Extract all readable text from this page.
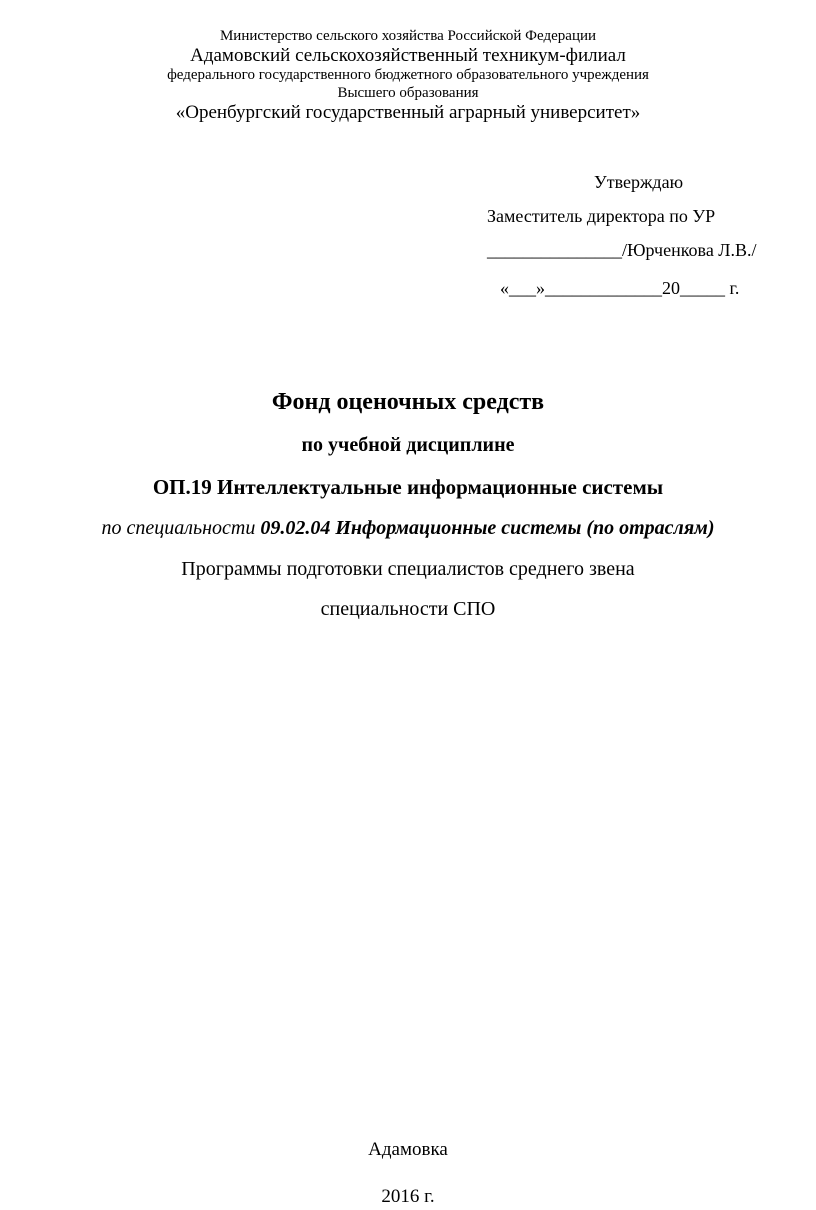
Министерство сельского хозяйства Российской Федерации
Адамовский сельскохозяйственный техникум-филиал
федерального государственного бюджетного образовательного учреждения
Высшего образования
«Оренбургский государственный аграрный университет»
Утверждаю
Заместитель директора по УР
_______________/Юрченкова Л.В./
«___»_____________20_____ г.
Фонд оценочных средств
по учебной дисциплине
ОП.19 Интеллектуальные информационные системы
по специальности 09.02.04 Информационные системы (по отраслям)
Программы подготовки специалистов среднего звена
специальности СПО
Адамовка
2016 г.
